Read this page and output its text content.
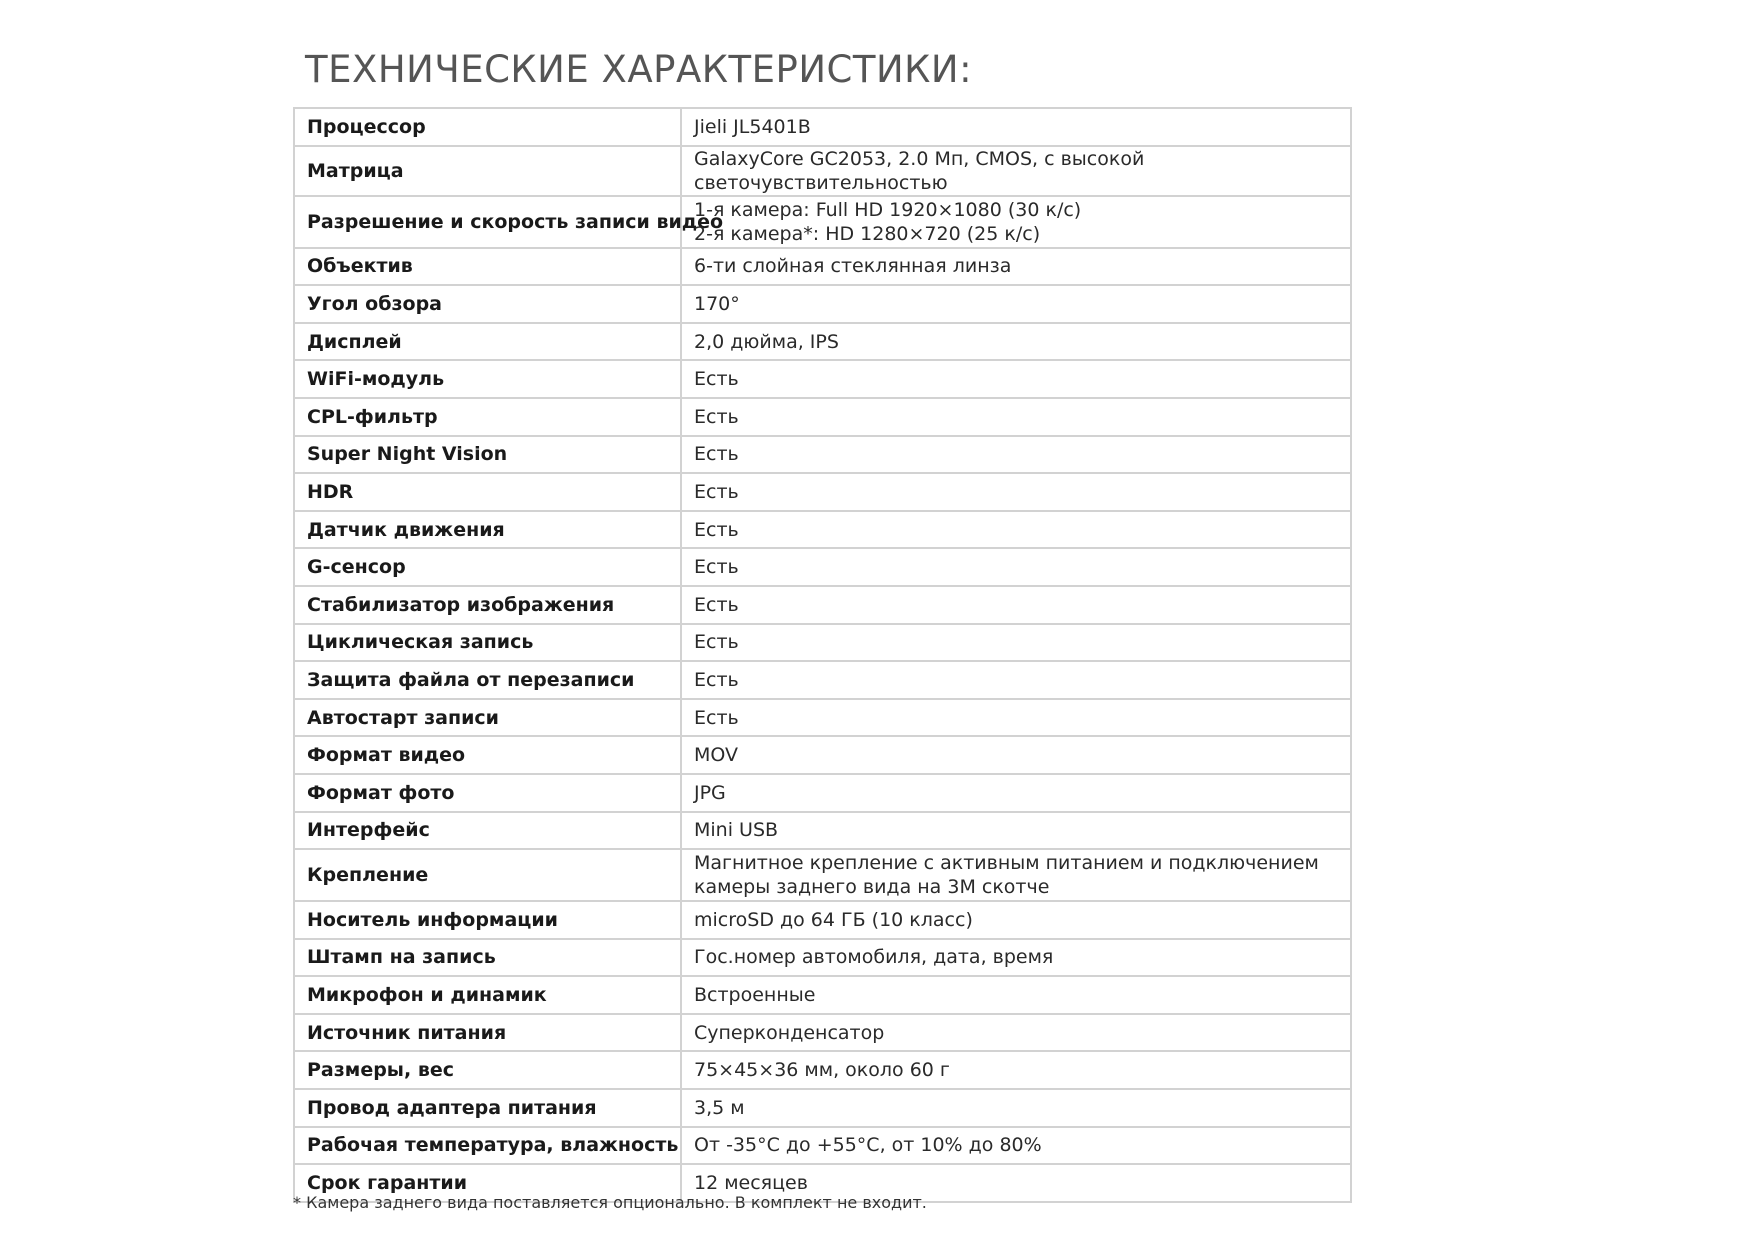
ТЕХНИЧЕСКИЕ ХАРАКТЕРИСТИКИ:
Процессор	Jieli JL5401B
Матрица	GalaxyCore GC2053, 2.0 Мп, CMOS, с высокой светочувствительностью
Разрешение и скорость записи видео	1-я камера: Full HD 1920×1080 (30 к/с)
2-я камера*: HD 1280×720 (25 к/с)

Объектив	6-ти слойная стеклянная линза
Угол обзора	170°
Дисплей	2,0 дюйма, IPS
WiFi-модуль	Есть
CPL-фильтр	Есть
Super Night Vision	Есть
HDR	Есть
Датчик движения	Есть
G-сенсор	Есть
Стабилизатор изображения	Есть
Циклическая запись	Есть
Защита файла от перезаписи	Есть
Автостарт записи	Есть
Формат видео	MOV
Формат фото	JPG
Интерфейс	Mini USB
Крепление	Магнитное крепление с активным питанием и подключением
камеры заднего вида на 3M скотче

Носитель информации	microSD до 64 ГБ (10 класс)
Штамп на запись	Гос.номер автомобиля, дата, время
Микрофон и динамик	Встроенные
Источник питания	Суперконденсатор
Размеры, вес	75×45×36 мм, около 60 г
Провод адаптера питания	3,5 м
Рабочая температура, влажность	От -35°C до +55°C, от 10% до 80%
Срок гарантии	12 месяцев

* Камера заднего вида поставляется опционально. В комплект не входит.
